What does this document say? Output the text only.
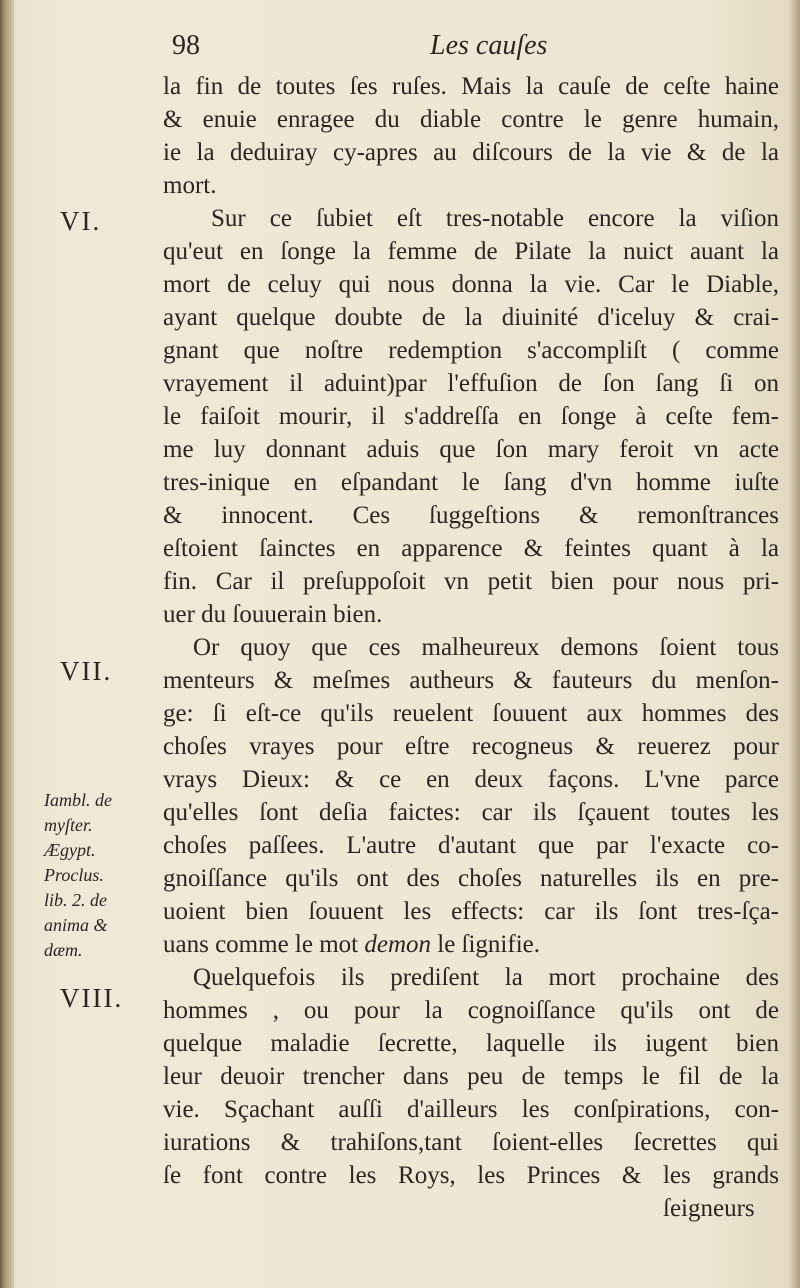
98	Les cauſes
VI.
VII.
VIII.
Iambl. de
myſter.
Ægypt.
Proclus.
lib. 2. de
anima &
dæm.
la fin de toutes ſes ruſes. Mais la cauſe de ceſte haine
& enuie enragee du diable contre le genre humain,
ie la deduiray cy-apres au diſcours de la vie & de la
mort.
Sur ce ſubiet eſt tres-notable encore la viſion
qu'eut en ſonge la femme de Pilate la nuict auant la
mort de celuy qui nous donna la vie. Car le Diable,
ayant quelque doubte de la diuinité d'iceluy & crai-
gnant que noſtre redemption s'accompliſt ( comme
vrayement il aduint)par l'effuſion de ſon ſang ſi on
le faiſoit mourir, il s'addreſſa en ſonge à ceſte fem-
me luy donnant aduis que ſon mary feroit vn acte
tres-inique en eſpandant le ſang d'vn homme iuſte
& innocent. Ces ſuggeſtions & remonſtrances
eſtoient ſainctes en apparence & feintes quant à la
fin. Car il preſuppoſoit vn petit bien pour nous pri-
uer du ſouuerain bien.
Or quoy que ces malheureux demons ſoient tous
menteurs & meſmes autheurs & fauteurs du menſon-
ge: ſi eſt-ce qu'ils reuelent ſouuent aux hommes des
choſes vrayes pour eſtre recogneus & reuerez pour
vrays Dieux: & ce en deux façons. L'vne parce
qu'elles ſont deſia faictes: car ils ſçauent toutes les
choſes paſſees. L'autre d'autant que par l'exacte co-
gnoiſſance qu'ils ont des choſes naturelles ils en pre-
uoient bien ſouuent les effects: car ils ſont tres-ſça-
uans comme le mot demon le ſignifie.
Quelquefois ils prediſent la mort prochaine des
hommes , ou pour la cognoiſſance qu'ils ont de
quelque maladie ſecrette, laquelle ils iugent bien
leur deuoir trencher dans peu de temps le fil de la
vie. Sçachant auſſi d'ailleurs les conſpirations, con-
iurations & trahiſons,tant ſoient-elles ſecrettes qui
ſe font contre les Roys, les Princes & les grands
ſeigneurs
